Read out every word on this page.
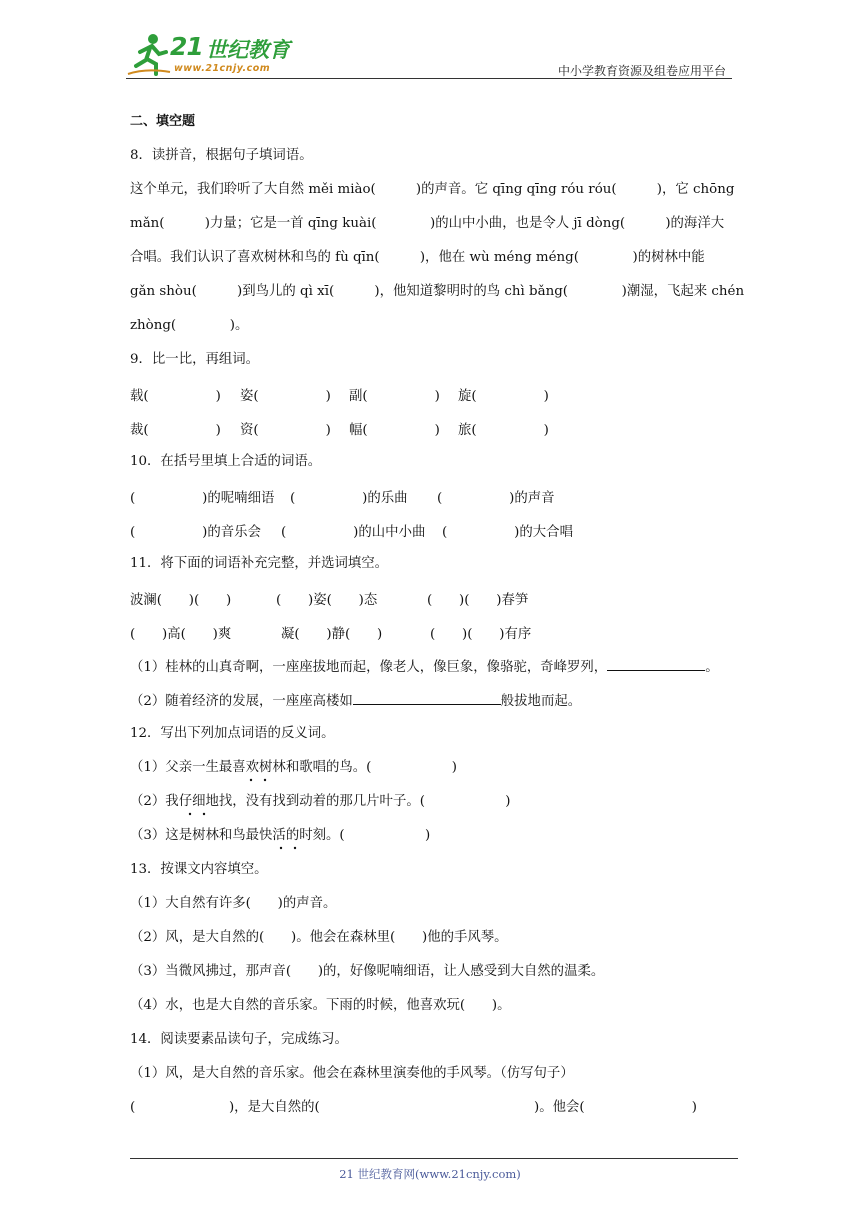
21 世纪教育
www.21cnjy.com	中小学教育资源及组卷应用平台
二、填空题
8．读拼音，根据句子填词语。
这个单元，我们聆听了大自然 měi miào(　　　)的声音。它 qīng qīng róu róu(　　　)，它 chōng
mǎn(　　　)力量；它是一首 qīng kuài(　　　　)的山中小曲，也是令人 jī dòng(　　　)的海洋大
合唱。我们认识了喜欢树林和鸟的 fù qīn(　　　)，他在 wù méng méng(　　　　)的树林中能
gǎn shòu(　　　)到鸟儿的 qì xī(　　　)，他知道黎明时的鸟 chì bǎng(　　　　)潮湿，飞起来 chén
zhòng(　　　　)。
9．比一比，再组词。
载(　　　　　) 姿(　　　　　) 副(　　　　　) 旋(　　　　　)
裁(　　　　　) 资(　　　　　) 幅(　　　　　) 旅(　　　　　)
10．在括号里填上合适的词语。
(　　　　　)的呢喃细语 (　　　　　)的乐曲 (　　　　　)的声音
(　　　　　)的音乐会 (　　　　　)的山中小曲 (　　　　　)的大合唱
11．将下面的词语补充完整，并选词填空。
波澜(　　)(　　)	(　　)姿(　　)态	(　　)(　　)春笋
(　　)高(　　)爽	凝(　　)静(　　)	(　　)(　　)有序
（1）桂林的山真奇啊，一座座拔地而起，像老人，像巨象，像骆驼，奇峰罗列，	。
（2）随着经济的发展，一座座高楼如	般拔地而起。
12．写出下列加点词语的反义词。
（1）父亲一生最喜欢树林和歌唱的鸟。(　　　　　　)
（2）我仔细地找，没有找到动着的那几片叶子。(　　　　　　)
（3）这是树林和鸟最快活的时刻。(　　　　　　)
13．按课文内容填空。
（1）大自然有许多(　　)的声音。
（2）风，是大自然的(　　)。他会在森林里(　　)他的手风琴。
（3）当微风拂过，那声音(　　)的，好像呢喃细语，让人感受到大自然的温柔。
（4）水，也是大自然的音乐家。下雨的时候，他喜欢玩(　　)。
14．阅读要素品读句子，完成练习。
（1）风，是大自然的音乐家。他会在森林里演奏他的手风琴。（仿写句子）
(　　　　　　　)，是大自然的(　　　　　　　　　　　　　　　　)。他会(　　　　　　　　)
21 世纪教育网(www.21cnjy.com)
